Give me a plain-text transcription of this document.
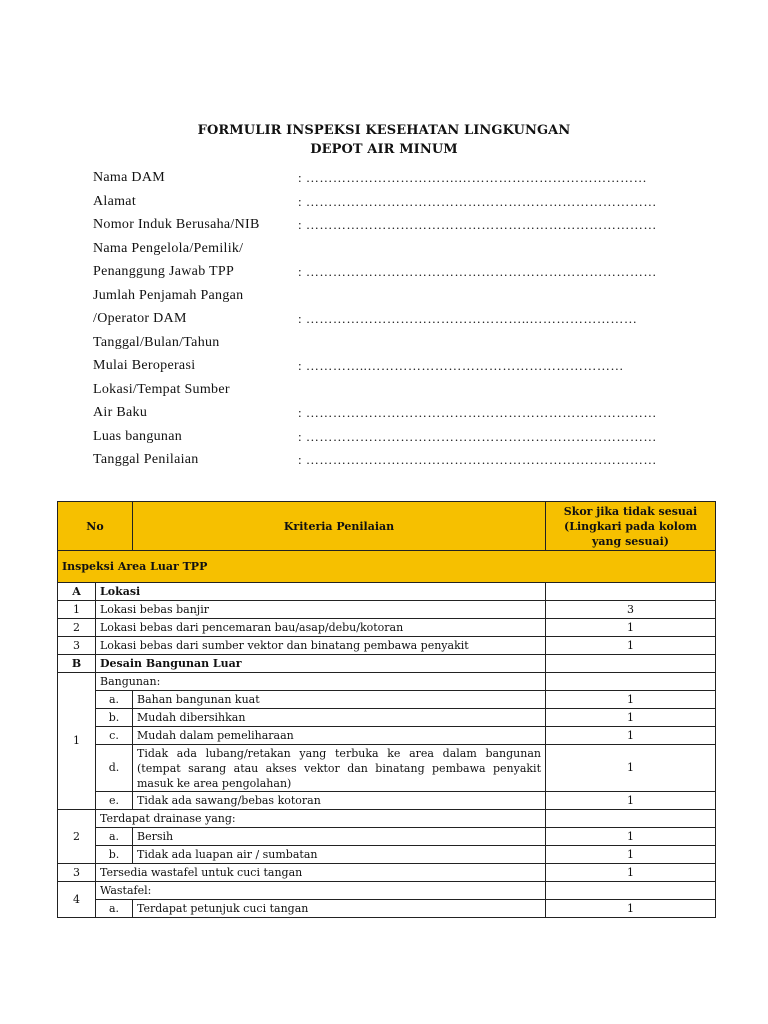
FORMULIR INSPEKSI KESEHATAN LINGKUNGAN
DEPOT AIR MINUM
Nama DAM	: …………………………….……………………………………
Alamat	: ……………………………………………………………………
Nomor Induk Berusaha/NIB	: ……………………………………………………………………
Nama Pengelola/Pemilik/
Penanggung Jawab TPP	: ……………………………………………………………………
Jumlah Penjamah Pangan
/Operator DAM	: …………………………………………..……………………
Tanggal/Bulan/Tahun
Mulai Beroperasi	: …………..…………………………………………………
Lokasi/Tempat Sumber
Air Baku	: ……………………………………………………………………
Luas bangunan	: ……………………………………………………………………
Tanggal Penilaian	: ……………………………………………………………………
No		Kriteria Penilaian	Skor jika tidak sesuai
(Lingkari pada kolom
yang sesuai)

Inspeksi Area Luar TPP			
A	Lokasi		
1	Lokasi bebas banjir		3
2	Lokasi bebas dari pencemaran bau/asap/debu/kotoran		1
3	Lokasi bebas dari sumber vektor dan binatang pembawa penyakit		1
B	Desain Bangunan Luar		
1	Bangunan:		
	a.	Bahan bangunan kuat	1
	b.	Mudah dibersihkan	1
	c.	Mudah dalam pemeliharaan	1
	d.	Tidak ada lubang/retakan yang terbuka ke area dalam bangunan (tempat sarang atau akses vektor dan binatang pembawa penyakit masuk ke area pengolahan)	1
	e.	Tidak ada sawang/bebas kotoran	1
2	Terdapat drainase yang:		
	a.	Bersih	1
	b.	Tidak ada luapan air / sumbatan	1
3	Tersedia wastafel untuk cuci tangan		1
4	Wastafel:		
	a.	Terdapat petunjuk cuci tangan	1
